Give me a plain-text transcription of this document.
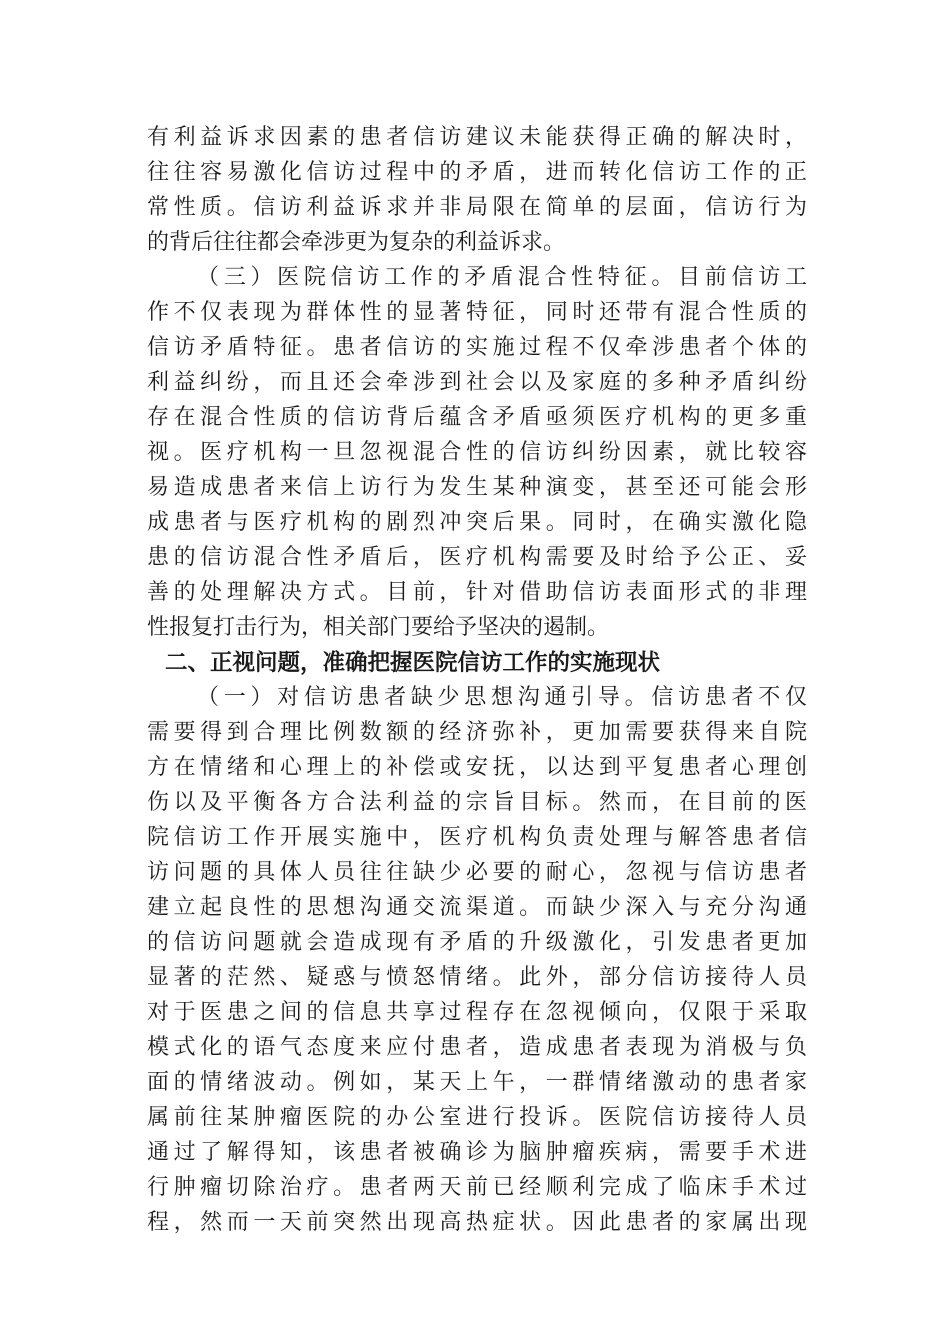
有利益诉求因素的患者信访建议未能获得正确的解决时，
往往容易激化信访过程中的矛盾，进而转化信访工作的正
常性质。信访利益诉求并非局限在简单的层面，信访行为
的背后往往都会牵涉更为复杂的利益诉求。
（三）医院信访工作的矛盾混合性特征。目前信访工
作不仅表现为群体性的显著特征，同时还带有混合性质的
信访矛盾特征。患者信访的实施过程不仅牵涉患者个体的
利益纠纷，而且还会牵涉到社会以及家庭的多种矛盾纠纷
存在混合性质的信访背后蕴含矛盾亟须医疗机构的更多重
视。医疗机构一旦忽视混合性的信访纠纷因素，就比较容
易造成患者来信上访行为发生某种演变，甚至还可能会形
成患者与医疗机构的剧烈冲突后果。同时，在确实激化隐
患的信访混合性矛盾后，医疗机构需要及时给予公正、妥
善的处理解决方式。目前，针对借助信访表面形式的非理
性报复打击行为，相关部门要给予坚决的遏制。
二、正视问题，准确把握医院信访工作的实施现状
（一）对信访患者缺少思想沟通引导。信访患者不仅
需要得到合理比例数额的经济弥补，更加需要获得来自院
方在情绪和心理上的补偿或安抚，以达到平复患者心理创
伤以及平衡各方合法利益的宗旨目标。然而，在目前的医
院信访工作开展实施中，医疗机构负责处理与解答患者信
访问题的具体人员往往缺少必要的耐心，忽视与信访患者
建立起良性的思想沟通交流渠道。而缺少深入与充分沟通
的信访问题就会造成现有矛盾的升级激化，引发患者更加
显著的茫然、疑惑与愤怒情绪。此外，部分信访接待人员
对于医患之间的信息共享过程存在忽视倾向，仅限于采取
模式化的语气态度来应付患者，造成患者表现为消极与负
面的情绪波动。例如，某天上午，一群情绪激动的患者家
属前往某肿瘤医院的办公室进行投诉。医院信访接待人员
通过了解得知，该患者被确诊为脑肿瘤疾病，需要手术进
行肿瘤切除治疗。患者两天前已经顺利完成了临床手术过
程，然而一天前突然出现高热症状。因此患者的家属出现
